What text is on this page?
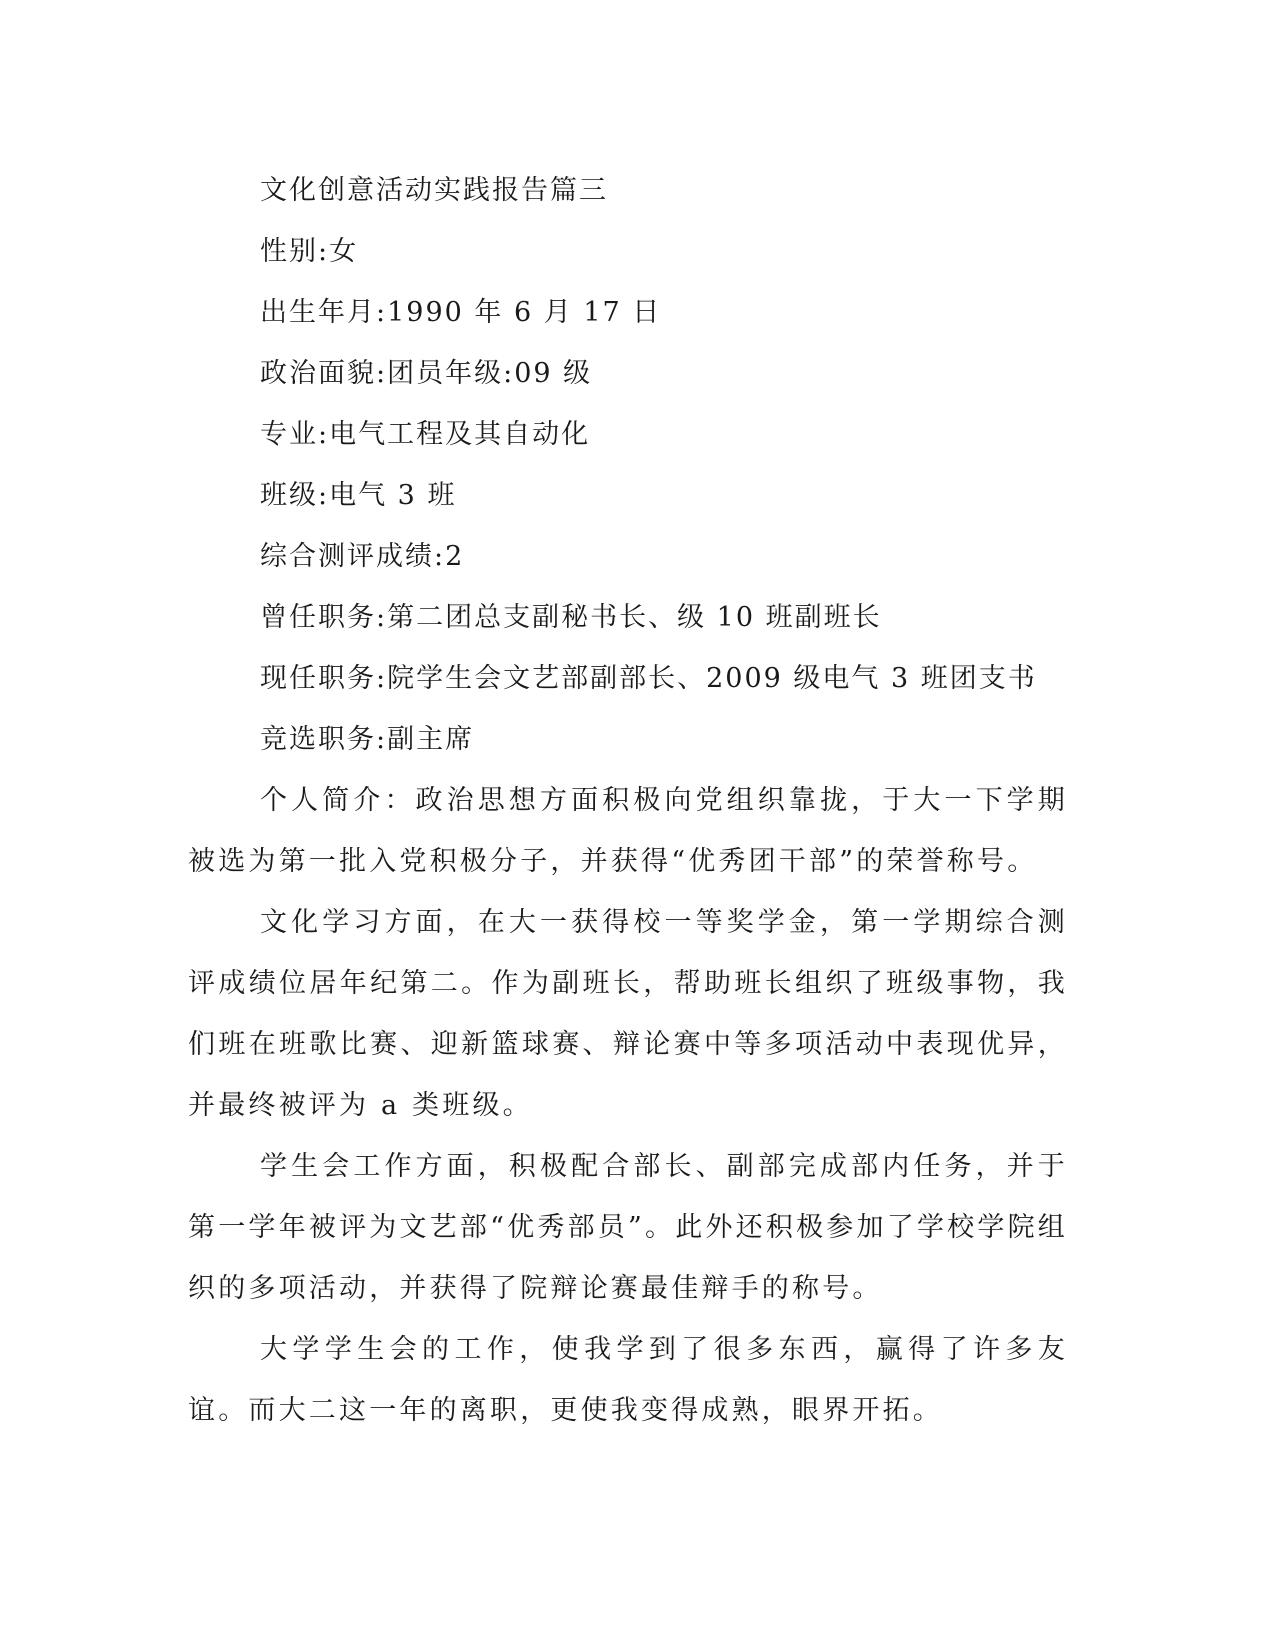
文化创意活动实践报告篇三
性别:女
出生年月:1990 年 6 月 17 日
政治面貌:团员年级:09 级
专业:电气工程及其自动化
班级:电气 3 班
综合测评成绩:2
曾任职务:第二团总支副秘书长、级 10 班副班长
现任职务:院学生会文艺部副部长、2009 级电气 3 班团支书
竞选职务:副主席

个人简介：政治思想方面积极向党组织靠拢，于大一下学期被选为第一批入党积极分子，并获得“优秀团干部”的荣誉称号。

文化学习方面，在大一获得校一等奖学金，第一学期综合测评成绩位居年纪第二。作为副班长，帮助班长组织了班级事物，我们班在班歌比赛、迎新篮球赛、辩论赛中等多项活动中表现优异，并最终被评为 a 类班级。

学生会工作方面，积极配合部长、副部完成部内任务，并于第一学年被评为文艺部“优秀部员”。此外还积极参加了学校学院组织的多项活动，并获得了院辩论赛最佳辩手的称号。

大学学生会的工作，使我学到了很多东西，赢得了许多友谊。而大二这一年的离职，更使我变得成熟，眼界开拓。
